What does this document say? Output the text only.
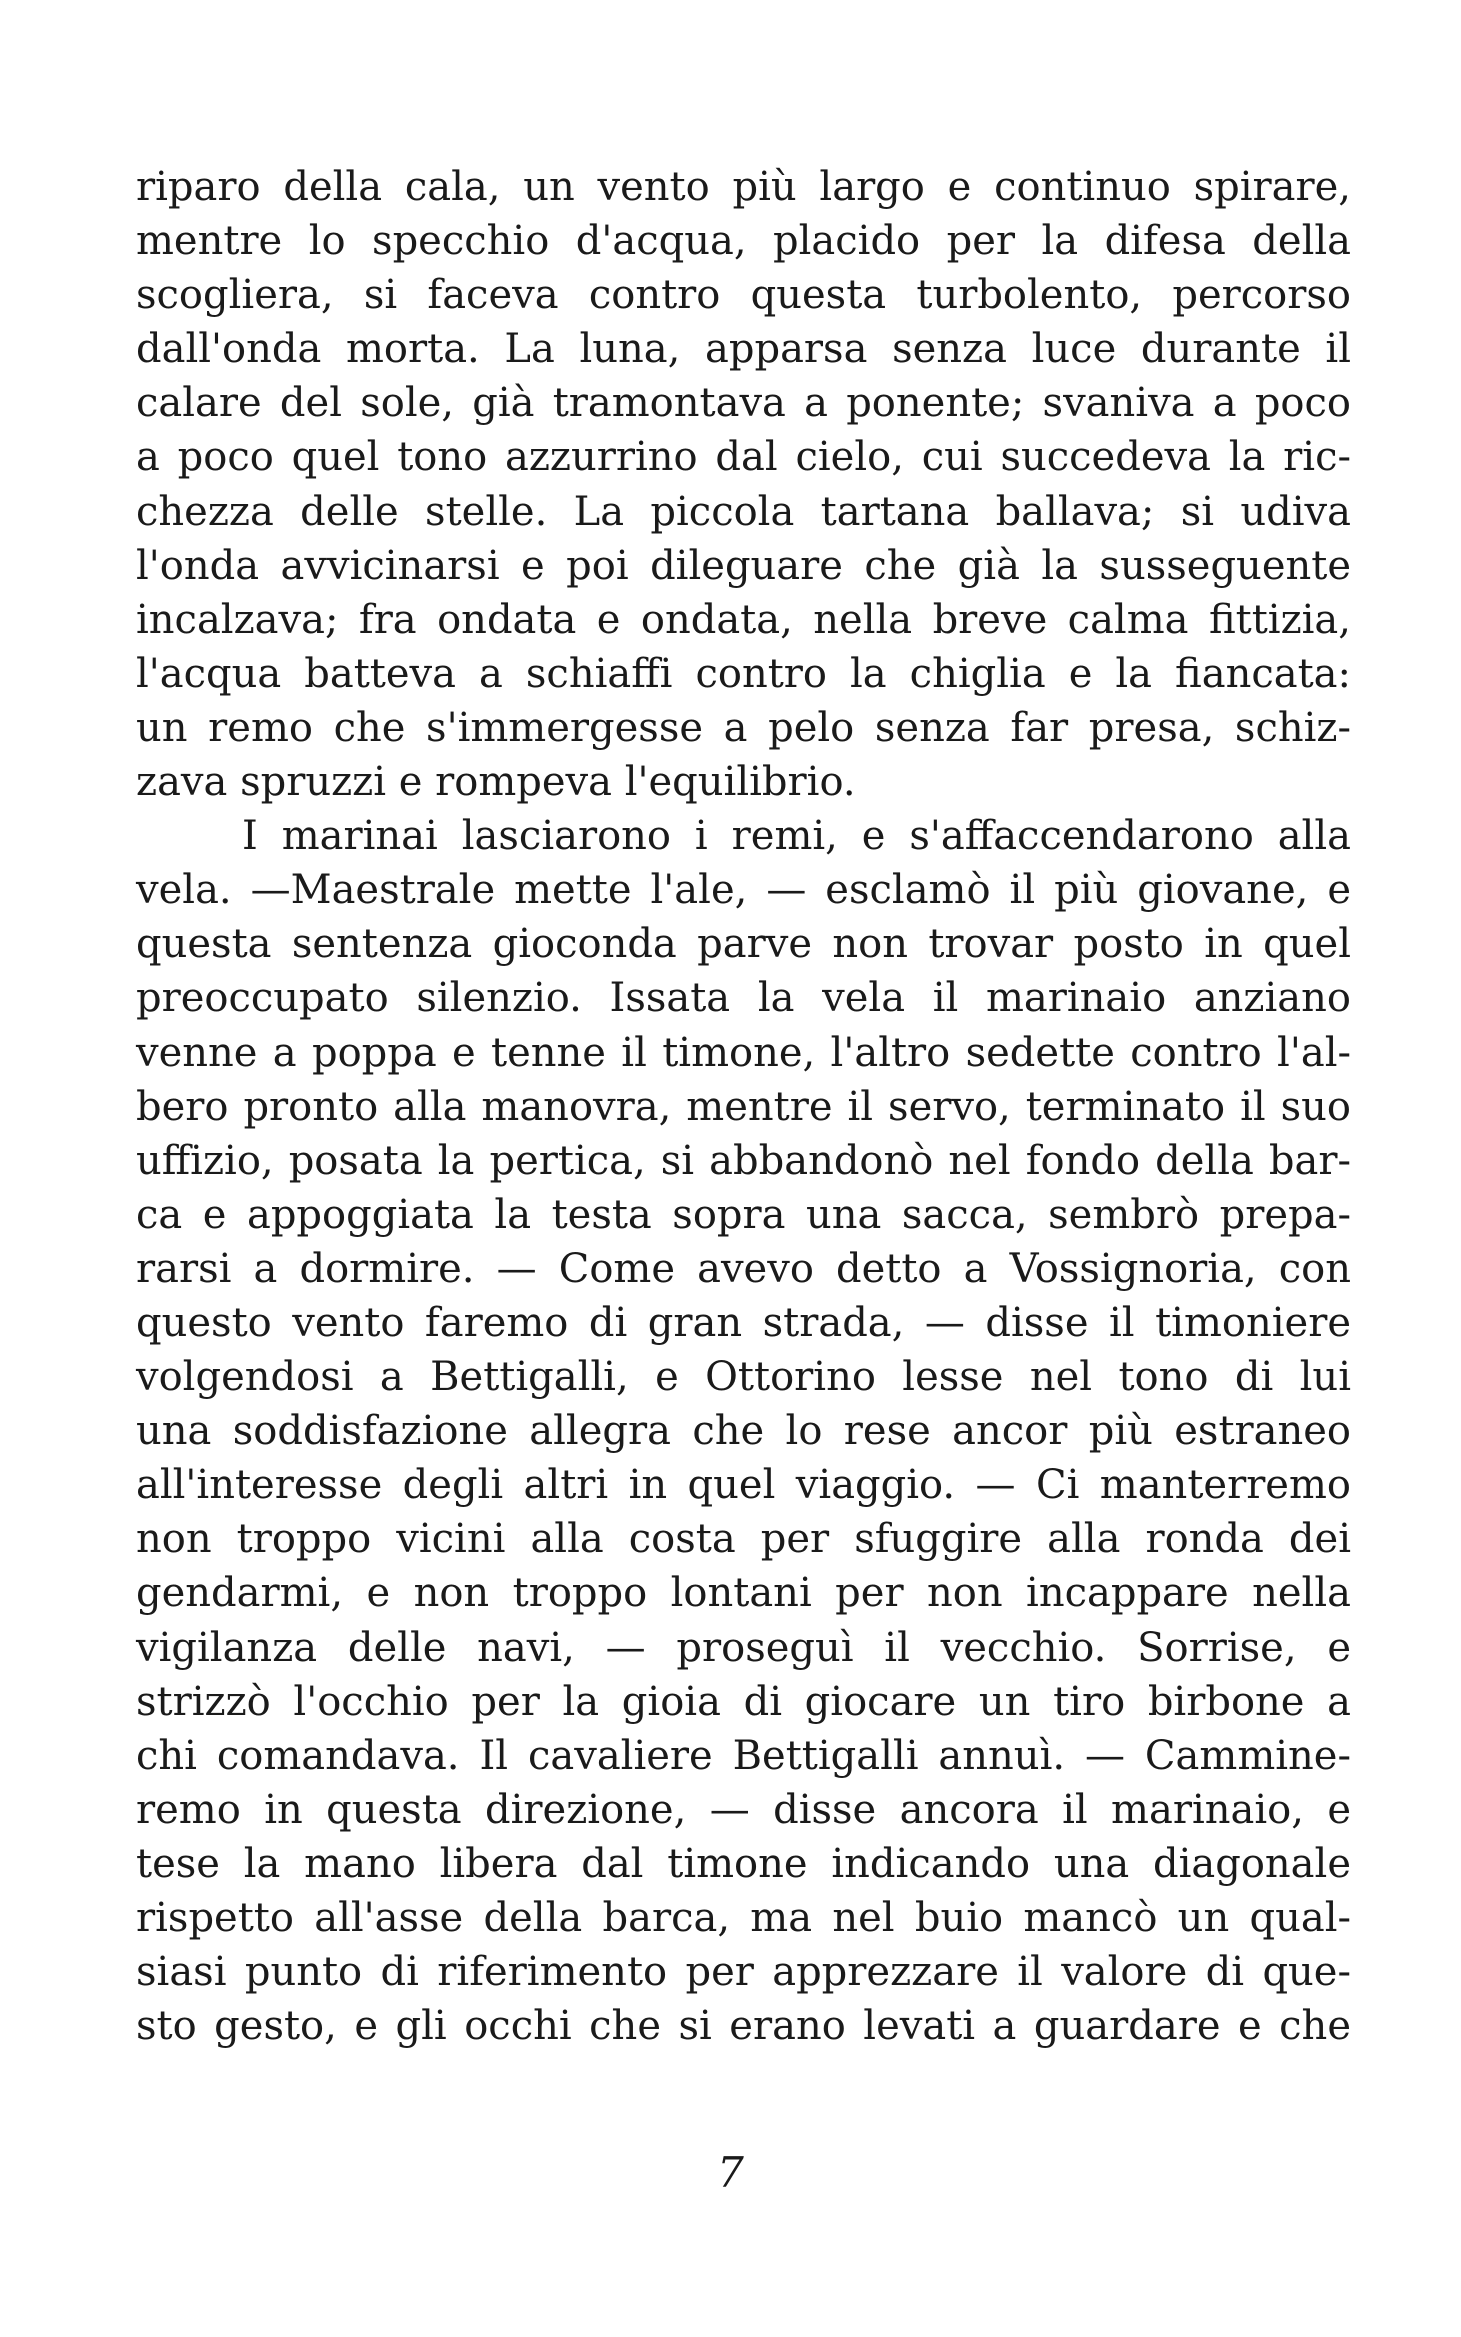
riparo della cala, un vento più largo e continuo spirare,
mentre lo specchio d'acqua, placido per la difesa della
scogliera, si faceva contro questa turbolento, percorso
dall'onda morta. La luna, apparsa senza luce durante il
calare del sole, già tramontava a ponente; svaniva a poco
a poco quel tono azzurrino dal cielo, cui succedeva la ric-
chezza delle stelle. La piccola tartana ballava; si udiva
l'onda avvicinarsi e poi dileguare che già la susseguente
incalzava; fra ondata e ondata, nella breve calma fittizia,
l'acqua batteva a schiaffi contro la chiglia e la fiancata:
un remo che s'immergesse a pelo senza far presa, schiz-
zava spruzzi e rompeva l'equilibrio.
I marinai lasciarono i remi, e s'affaccendarono alla
vela. —Maestrale mette l'ale, — esclamò il più giovane, e
questa sentenza gioconda parve non trovar posto in quel
preoccupato silenzio. Issata la vela il marinaio anziano
venne a poppa e tenne il timone, l'altro sedette contro l'al-
bero pronto alla manovra, mentre il servo, terminato il suo
uffizio, posata la pertica, si abbandonò nel fondo della bar-
ca e appoggiata la testa sopra una sacca, sembrò prepa-
rarsi a dormire. — Come avevo detto a Vossignoria, con
questo vento faremo di gran strada, — disse il timoniere
volgendosi a Bettigalli, e Ottorino lesse nel tono di lui
una soddisfazione allegra che lo rese ancor più estraneo
all'interesse degli altri in quel viaggio. — Ci manterremo
non troppo vicini alla costa per sfuggire alla ronda dei
gendarmi, e non troppo lontani per non incappare nella
vigilanza delle navi, — proseguì il vecchio. Sorrise, e
strizzò l'occhio per la gioia di giocare un tiro birbone a
chi comandava. Il cavaliere Bettigalli annuì. — Cammine-
remo in questa direzione, — disse ancora il marinaio, e
tese la mano libera dal timone indicando una diagonale
rispetto all'asse della barca, ma nel buio mancò un qual-
siasi punto di riferimento per apprezzare il valore di que-
sto gesto, e gli occhi che si erano levati a guardare e che
7
